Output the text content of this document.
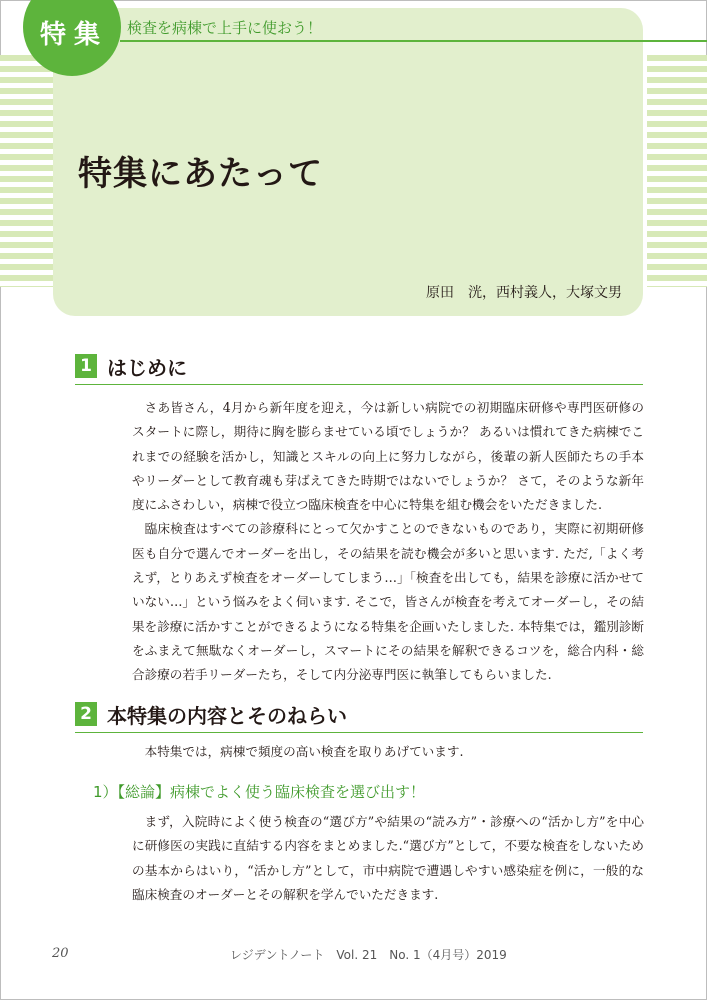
特集 検査を病棟で上手に使おう！
特集にあたって
原田　洸，西村義人，大塚文男
1 はじめに

さあ皆さん，4月から新年度を迎え，今は新しい病院での初期臨床研修や専門医研修のスタートに際し，期待に胸を膨らませている頃でしょうか？ あるいは慣れてきた病棟でこれまでの経験を活かし，知識とスキルの向上に努力しながら，後輩の新人医師たちの手本やリーダーとして教育魂も芽ばえてきた時期ではないでしょうか？ さて，そのような新年度にふさわしい，病棟で役立つ臨床検査を中心に特集を組む機会をいただきました.

臨床検査はすべての診療科にとって欠かすことのできないものであり，実際に初期研修医も自分で選んでオーダーを出し，その結果を読む機会が多いと思います. ただ,「よく考えず，とりあえず検査をオーダーしてしまう…」「検査を出しても，結果を診療に活かせていない…」という悩みをよく伺います. そこで，皆さんが検査を考えてオーダーし，その結果を診療に活かすことができるようになる特集を企画いたしました. 本特集では，鑑別診断をふまえて無駄なくオーダーし，スマートにその結果を解釈できるコツを，総合内科・総合診療の若手リーダーたち，そして内分泌専門医に執筆してもらいました.

2 本特集の内容とそのねらい
本特集では，病棟で頻度の高い検査を取りあげています.
1）【総論】病棟でよく使う臨床検査を選び出す！

まず，入院時によく使う検査の“選び方”や結果の“読み方”・診療への“活かし方”を中心に研修医の実践に直結する内容をまとめました.“選び方”として，不要な検査をしないための基本からはいり，“活かし方”として，市中病院で遭遇しやすい感染症を例に，一般的な臨床検査のオーダーとその解釈を学んでいただきます.

20	レジデントノート　Vol. 21　No. 1（4月号）2019
